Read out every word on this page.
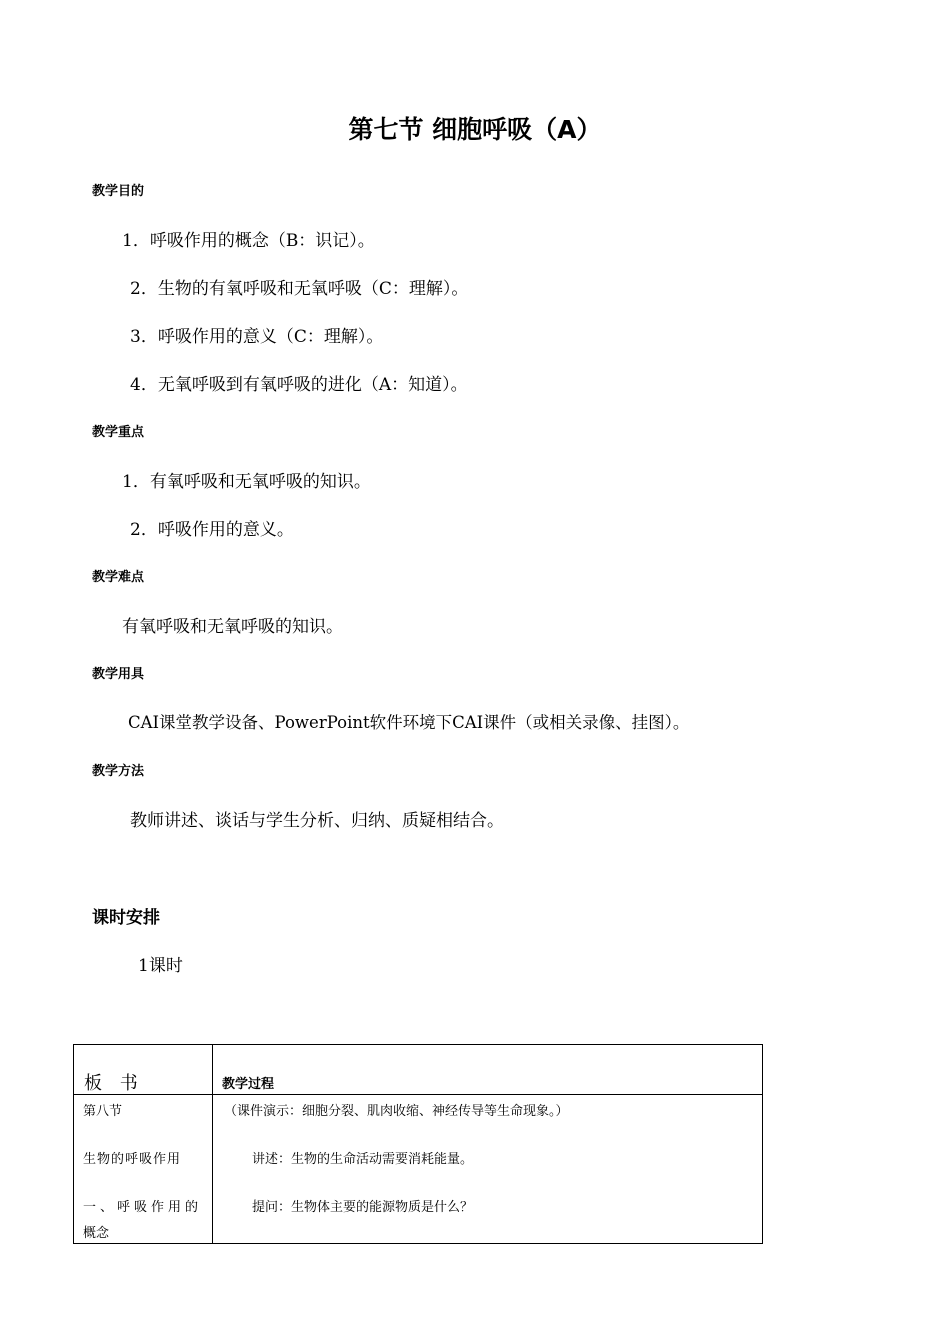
第七节 细胞呼吸（A）
教学目的
1．呼吸作用的概念（B：识记）。
2．生物的有氧呼吸和无氧呼吸（C：理解）。
3．呼吸作用的意义（C：理解）。
4．无氧呼吸到有氧呼吸的进化（A：知道）。
教学重点
1．有氧呼吸和无氧呼吸的知识。
2．呼吸作用的意义。
教学难点
有氧呼吸和无氧呼吸的知识。
教学用具
CAI课堂教学设备、PowerPoint软件环境下CAI课件（或相关录像、挂图）。
教学方法
教师讲述、谈话与学生分析、归纳、质疑相结合。
课时安排
1课时
板 书	教学过程
第八节
生物的呼吸作用
一、呼吸作用的
概念
（课件演示：细胞分裂、肌肉收缩、神经传导等生命现象。）
讲述：生物的生命活动需要消耗能量。
提问：生物体主要的能源物质是什么？
